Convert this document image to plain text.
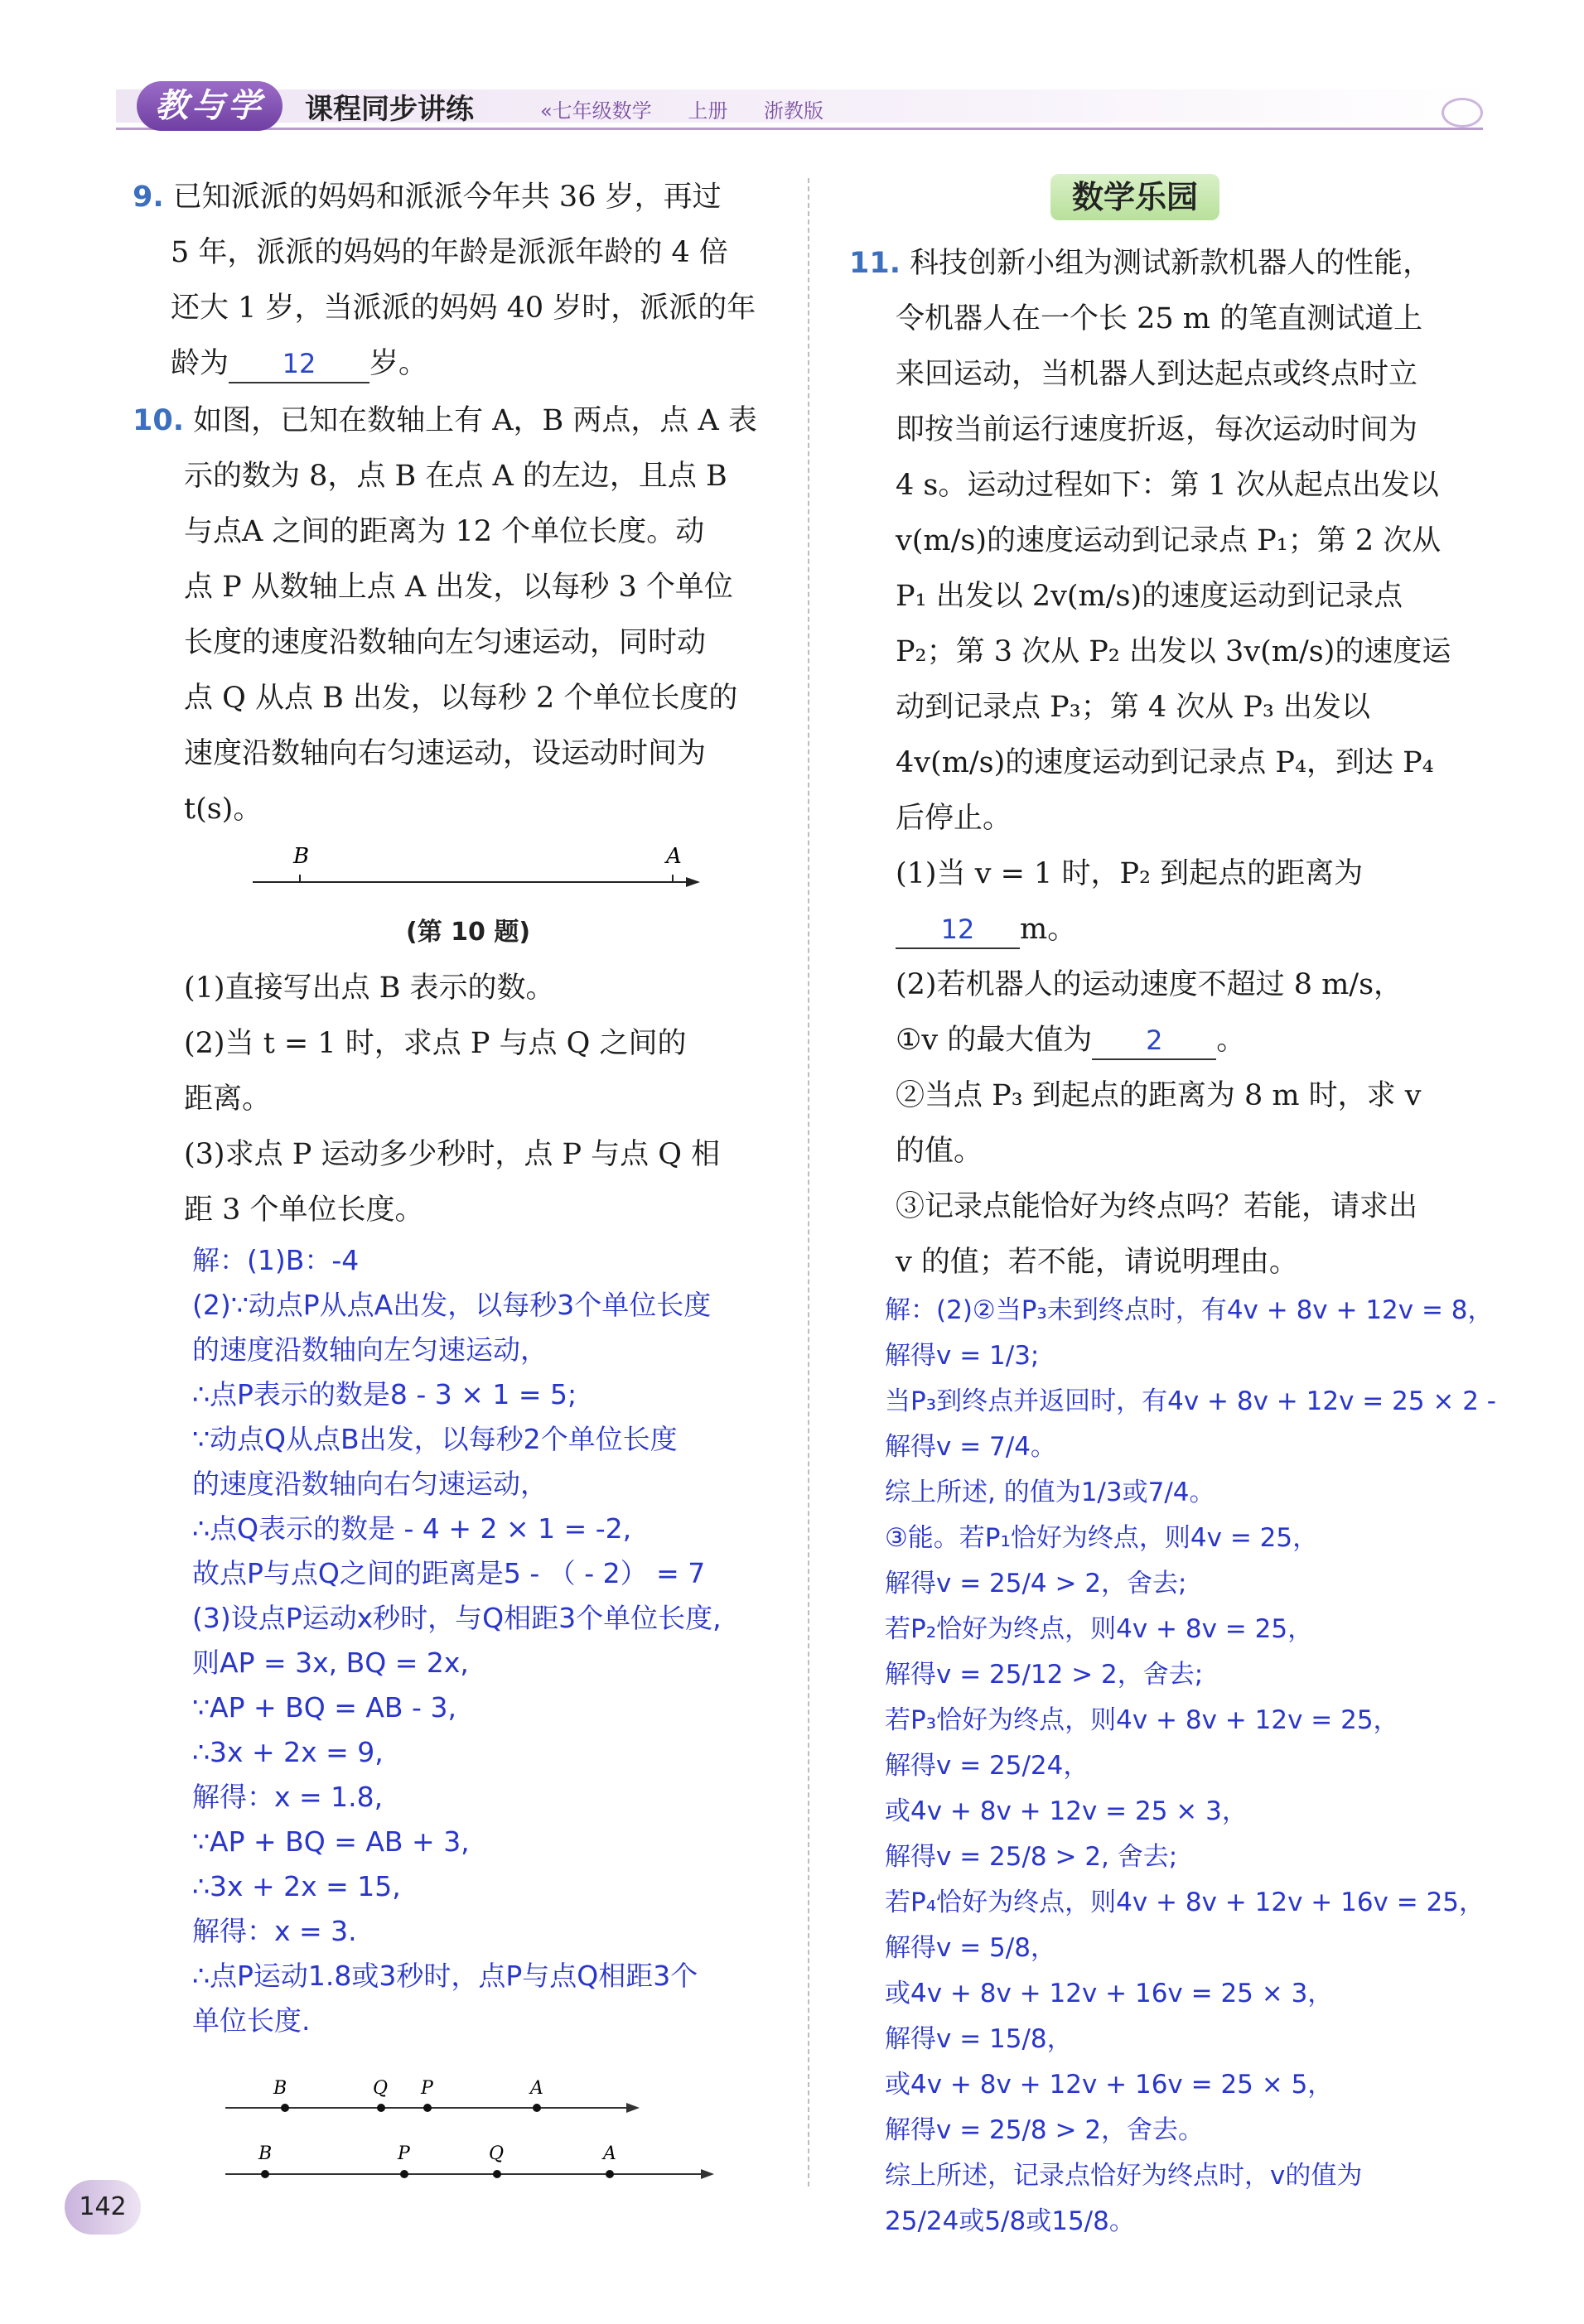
教与学	课程同步讲练	«七年级数学 上册 浙教版
9. 已知派派的妈妈和派派今年共 36 岁，再过
5 年，派派的妈妈的年龄是派派年龄的 4 倍
还大 1 岁，当派派的妈妈 40 岁时，派派的年
龄为 12 岁。
10. 如图，已知在数轴上有 A，B 两点，点 A 表
示的数为 8，点 B 在点 A 的左边，且点 B
与点A 之间的距离为 12 个单位长度。动
点 P 从数轴上点 A 出发，以每秒 3 个单位
长度的速度沿数轴向左匀速运动，同时动
点 Q 从点 B 出发，以每秒 2 个单位长度的
速度沿数轴向右匀速运动，设运动时间为
t(s)。
B	A
(第 10 题)
(1)直接写出点 B 表示的数。
(2)当 t = 1 时，求点 P 与点 Q 之间的
距离。
(3)求点 P 运动多少秒时，点 P 与点 Q 相
距 3 个单位长度。
解：(1)B：-4
(2)∵动点P从点A出发，以每秒3个单位长度
的速度沿数轴向左匀速运动，
∴点P表示的数是8 - 3 × 1 = 5;
∵动点Q从点B出发，以每秒2个单位长度
的速度沿数轴向右匀速运动，
∴点Q表示的数是 - 4 + 2 × 1 = -2,
故点P与点Q之间的距离是5 - （ - 2） = 7
(3)设点P运动x秒时，与Q相距3个单位长度,
则AP = 3x, BQ = 2x,
∵AP + BQ = AB - 3,
∴3x + 2x = 9,
解得：x = 1.8,
∵AP + BQ = AB + 3,
∴3x + 2x = 15,
解得：x = 3.
∴点P运动1.8或3秒时，点P与点Q相距3个
单位长度.
B	Q P	A
B	P	Q	A
数学乐园
11. 科技创新小组为测试新款机器人的性能，
令机器人在一个长 25 m 的笔直测试道上
来回运动，当机器人到达起点或终点时立
即按当前运行速度折返，每次运动时间为
4 s。运动过程如下：第 1 次从起点出发以
v(m/s)的速度运动到记录点 P₁；第 2 次从
P₁ 出发以 2v(m/s)的速度运动到记录点
P₂；第 3 次从 P₂ 出发以 3v(m/s)的速度运
动到记录点 P₃；第 4 次从 P₃ 出发以
4v(m/s)的速度运动到记录点 P₄，到达 P₄
后停止。
(1)当 v = 1 时，P₂ 到起点的距离为
12 m。
(2)若机器人的运动速度不超过 8 m/s，
①v 的最大值为 2 。
②当点 P₃ 到起点的距离为 8 m 时，求 v
的值。
③记录点能恰好为终点吗？若能，请求出
v 的值；若不能，请说明理由。
解：(2)②当P₃未到终点时，有4v + 8v + 12v = 8，
解得v = 1/3;
当P₃到终点并返回时，有4v + 8v + 12v = 25 × 2 -
解得v = 7/4。
综上所述, 的值为1/3或7/4。
③能。若P₁恰好为终点，则4v = 25，
解得v = 25/4 > 2，舍去;
若P₂恰好为终点，则4v + 8v = 25，
解得v = 25/12 > 2，舍去;
若P₃恰好为终点，则4v + 8v + 12v = 25，
解得v = 25/24，
或4v + 8v + 12v = 25 × 3，
解得v = 25/8 > 2, 舍去;
若P₄恰好为终点，则4v + 8v + 12v + 16v = 25，
解得v = 5/8，
或4v + 8v + 12v + 16v = 25 × 3，
解得v = 15/8，
或4v + 8v + 12v + 16v = 25 × 5，
解得v = 25/8 > 2，舍去。
综上所述，记录点恰好为终点时，v的值为
25/24或5/8或15/8。
142
